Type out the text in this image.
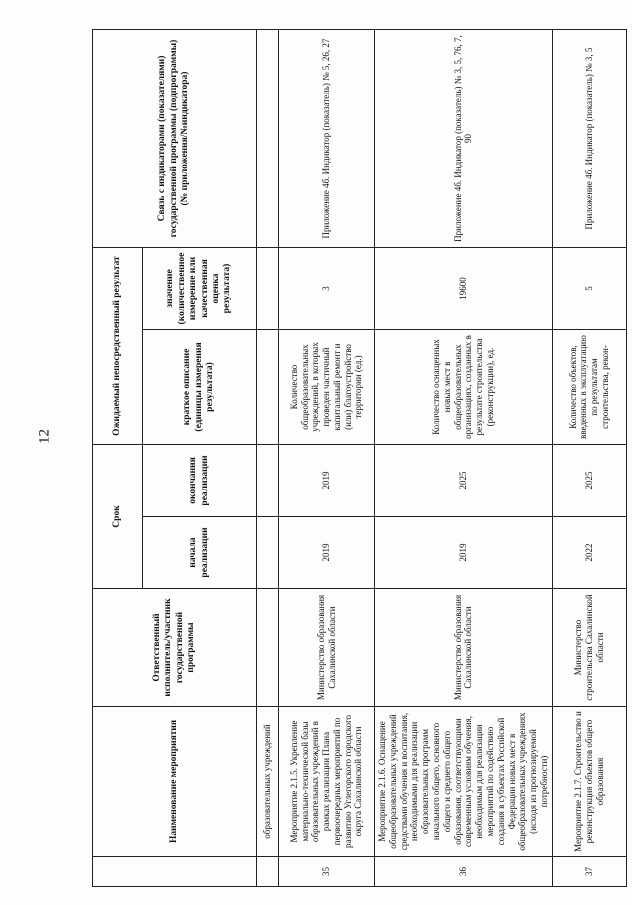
12
	Наименование мероприятия	Ответственный исполнитель/участник государственной программы	Срок		Ожидаемый непосредственный результат		Связь с индикаторами (показателями) государственной программы (подпрограммы) (№ приложения/№индикатора)
			начала реализации	окончания реализации	краткое описание (единицы измерения результата)	значение (количественное измерение или качественная оценка результата)	
	образовательных учреждений						
35	Мероприятие 2.1.5. Укрепление материально-технической базы образовательных учреждений в рамках реализации Плана первоочередных мероприятий по развитию Углегорского городского округа Сахалинской области	Министерство образования Сахалинской области	2019	2019	Количество общеобразовательных учреждений, в которых проведен частичный капитальный ремонт и (или) благоустройство территории (ед.)	3	Приложение 4б. Индикатор (показатель) № 5, 26, 27
36	Мероприятие 2.1.6. Оснащение общеобразовательных учреждений средствами обучения и воспитания, необходимыми для реализации образовательных программ начального общего, основного общего и среднего общего образования, соответствующими современным условиям обучения, необходимым для реализации мероприятий по содействию создания в субъектах Российской Федерации новых мест в общеобразовательных учреждениях (исходя из прогнозируемой потребности)	Министерство образования Сахалинской области	2019	2025	Количество оснащенных новых мест в общеобразовательных организациях, созданных в результате строительства (реконструкции), ед.	19600	Приложение 4б. Индикатор (показатель) № 3, 5, 76, 7, 90
37	Мероприятие 2.1.7. Строительство и реконструкция объектов общего образования	Министерство строительства Сахалинской области	2022	2025	Количество объектов, введенных в эксплуатацию по результатам строительства, рекон-	5	Приложение 4б. Индикатор (показатель) № 3, 5
